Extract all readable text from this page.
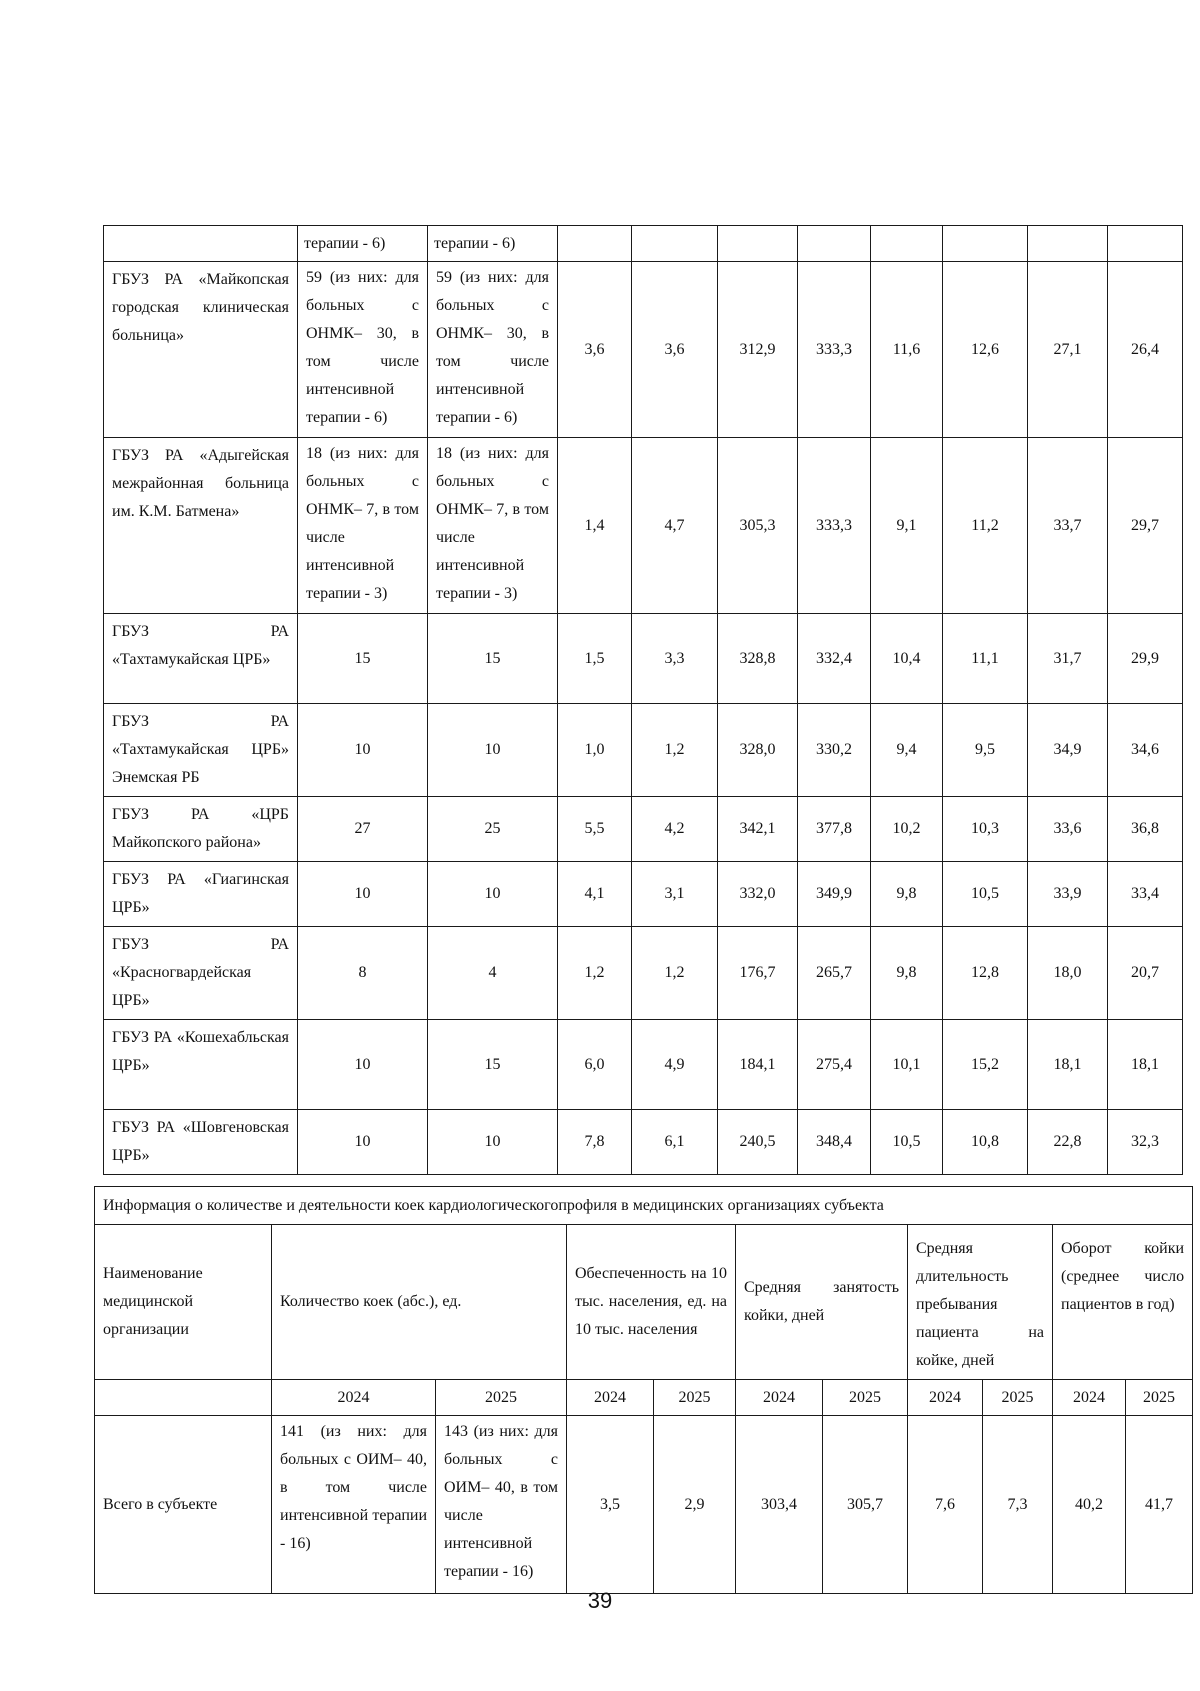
	терапии - 6)	терапии - 6)								
ГБУЗ РА «Майкопская городская клиническая больница»	59 (из них: для больных с ОНМК– 30, в том числе интенсивной терапии - 6)	59 (из них: для больных с ОНМК– 30, в том числе интенсивной терапии - 6)	3,6	3,6	312,9	333,3	11,6	12,6	27,1	26,4
ГБУЗ РА «Адыгейская межрайонная больница им. К.М. Батмена»	18 (из них: для больных с ОНМК– 7, в том числе интенсивной терапии - 3)	18 (из них: для больных с ОНМК– 7, в том числе интенсивной терапии - 3)	1,4	4,7	305,3	333,3	9,1	11,2	33,7	29,7
ГБУЗ РА «Тахтамукайская ЦРБ»	15	15	1,5	3,3	328,8	332,4	10,4	11,1	31,7	29,9
ГБУЗ РА «Тахтамукайская ЦРБ» Энемская РБ	10	10	1,0	1,2	328,0	330,2	9,4	9,5	34,9	34,6
ГБУЗ РА «ЦРБ Майкопского района»	27	25	5,5	4,2	342,1	377,8	10,2	10,3	33,6	36,8
ГБУЗ РА «Гиагинская ЦРБ»	10	10	4,1	3,1	332,0	349,9	9,8	10,5	33,9	33,4
ГБУЗ РА «Красногвардейская ЦРБ»	8	4	1,2	1,2	176,7	265,7	9,8	12,8	18,0	20,7
ГБУЗ РА «Кошехабльская ЦРБ»	10	15	6,0	4,9	184,1	275,4	10,1	15,2	18,1	18,1
ГБУЗ РА «Шовгеновская ЦРБ»	10	10	7,8	6,1	240,5	348,4	10,5	10,8	22,8	32,3
Информация о количестве и деятельности коек кардиологическогопрофиля в медицинских организациях субъекта										
Наименование медицинской организации	Количество коек (абс.), ед.		Обеспеченность на 10 тыс. населения, ед. на 10 тыс. населения		Средняя занятость койки, дней		Средняя длительность пребывания пациента на койке, дней		Оборот койки (среднее число пациентов в год)	
	2024	2025	2024	2025	2024	2025	2024	2025	2024	2025
Всего в субъекте	141 (из них: для больных с ОИМ– 40, в том числе интенсивной терапии - 16)	143 (из них: для больных с ОИМ– 40, в том числе интенсивной терапии - 16)	3,5	2,9	303,4	305,7	7,6	7,3	40,2	41,7
39
